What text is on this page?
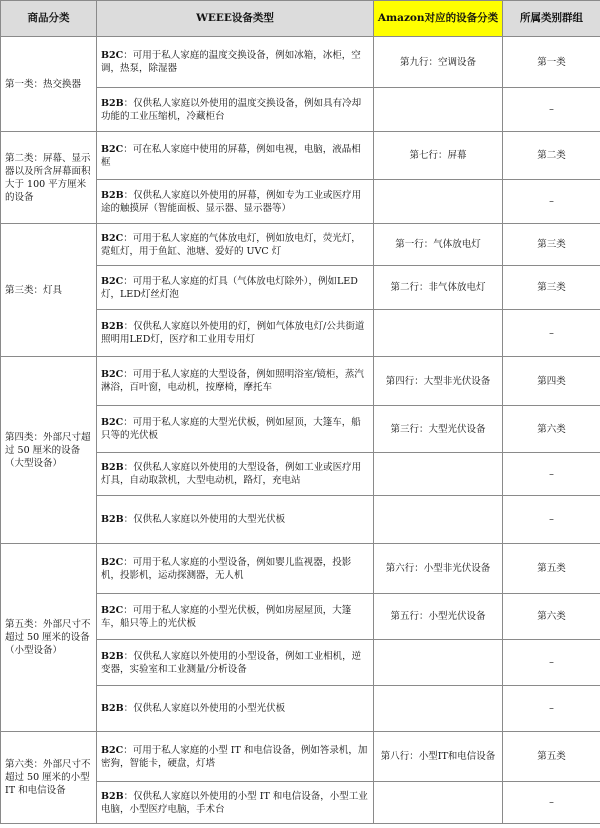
商品分类	WEEE设备类型	Amazon对应的设备分类	所属类别群组
第一类：热交换器	B2C：可用于私人家庭的温度交换设备，例如冰箱，冰柜，空调，热泵，除湿器	第九行：空调设备	第一类
	B2B：仅供私人家庭以外使用的温度交换设备，例如具有冷却功能的工业压缩机，冷藏柜台		–
第二类：屏幕、显示器以及所含屏幕面积大于 100 平方厘米的设备	B2C：可在私人家庭中使用的屏幕，例如电视，电脑，液晶相框	第七行：屏幕	第二类
	B2B：仅供私人家庭以外使用的屏幕，例如专为工业或医疗用途的触摸屏（智能面板、显示器、显示器等）		–
第三类：灯具	B2C：可用于私人家庭的气体放电灯，例如放电灯，荧光灯，霓虹灯，用于鱼缸、池塘、爱好的 UVC 灯	第一行：气体放电灯	第三类
	B2C：可用于私人家庭的灯具（气体放电灯除外），例如LED灯，LED灯丝灯泡	第二行：非气体放电灯	第三类
	B2B：仅供私人家庭以外使用的灯，例如气体放电灯/公共街道照明用LED灯，医疗和工业用专用灯		–
第四类：外部尺寸超过 50 厘米的设备（大型设备）	B2C：可用于私人家庭的大型设备，例如照明浴室/镜柜，蒸汽淋浴，百叶窗，电动机，按摩椅，摩托车	第四行：大型非光伏设备	第四类
	B2C：可用于私人家庭的大型光伏板，例如屋顶，大篷车，船只等的光伏板	第三行：大型光伏设备	第六类
	B2B：仅供私人家庭以外使用的大型设备，例如工业或医疗用灯具，自动取款机，大型电动机，路灯，充电站		–
	B2B：仅供私人家庭以外使用的大型光伏板		–
第五类：外部尺寸不超过 50 厘米的设备（小型设备）	B2C：可用于私人家庭的小型设备，例如婴儿监视器，投影机，投影机，运动探测器，无人机	第六行：小型非光伏设备	第五类
	B2C：可用于私人家庭的小型光伏板，例如房屋屋顶，大篷车，船只等上的光伏板	第五行：小型光伏设备	第六类
	B2B：仅供私人家庭以外使用的小型设备，例如工业相机，逆变器，实验室和工业测量/分析设备		–
	B2B：仅供私人家庭以外使用的小型光伏板		–
第六类：外部尺寸不超过 50 厘米的小型 IT 和电信设备	B2C：可用于私人家庭的小型 IT 和电信设备，例如答录机，加密狗，智能卡，硬盘，灯塔	第八行：小型IT和电信设备	第五类
	B2B：仅供私人家庭以外使用的小型 IT 和电信设备，小型工业电脑，小型医疗电脑，手术台		–
